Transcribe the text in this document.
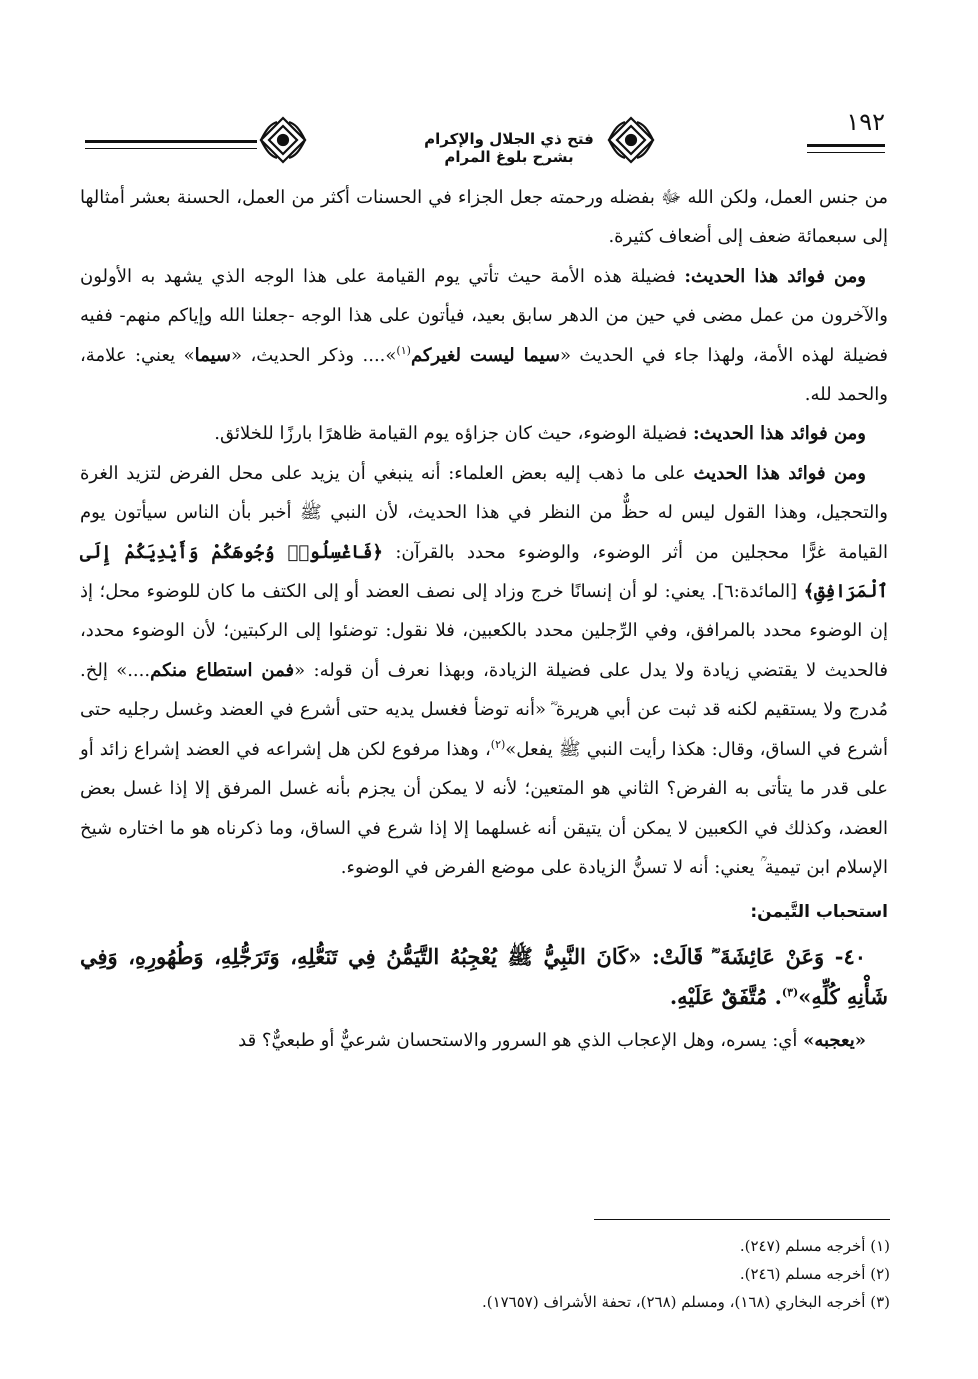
١٩٢
فتح ذي الجلال والإكرام بشرح بلوغ المرام

من جنس العمل، ولكن الله ﷻ بفضله ورحمته جعل الجزاء في الحسنات أكثر من العمل، الحسنة بعشر أمثالها إلى سبعمائة ضعف إلى أضعاف كثيرة.

ومن فوائد هذا الحديث: فضيلة هذه الأمة حيث تأتي يوم القيامة على هذا الوجه الذي يشهد به الأولون والآخرون من عمل مضى في حين من الدهر سابق بعيد، فيأتون على هذا الوجه -جعلنا الله وإياكم منهم- ففيه فضيلة لهذه الأمة، ولهذا جاء في الحديث «سيما ليست لغيركم$^{(١)}$».... وذكر الحديث، «سيما» يعني: علامة، والحمد لله.

ومن فوائد هذا الحديث: فضيلة الوضوء، حيث كان جزاؤه يوم القيامة ظاهرًا بارزًا للخلائق.

ومن فوائد هذا الحديث على ما ذهب إليه بعض العلماء: أنه ينبغي أن يزيد على محل الفرض لتزيد الغرة والتحجيل، وهذا القول ليس له حظٌّ من النظر في هذا الحديث، لأن النبي ﷺ أخبر بأن الناس سيأتون يوم القيامة غرًّا محجلين من أثر الوضوء، والوضوء محدد بالقرآن: ﴿فَاغْسِلُوا۟ وُجُوهَكُمْ وَأَيْدِيَكُمْ إِلَى ٱلْمَرَافِقِ﴾ [المائدة:٦]. يعني: لو أن إنسانًا خرج وزاد إلى نصف العضد أو إلى الكتف ما كان للوضوء محل؛ إذ إن الوضوء محدد بالمرافق، وفي الرِّجلين محدد بالكعبين، فلا نقول: توضئوا إلى الركبتين؛ لأن الوضوء محدد، فالحديث لا يقتضي زيادة ولا يدل على فضيلة الزيادة، وبهذا نعرف أن قوله: «فمن استطاع منكم....» إلخ. مُدرج ولا يستقيم لكنه قد ثبت عن أبي هريرة ؓ «أنه توضأ فغسل يديه حتى أشرع في العضد وغسل رجليه حتى أشرع في الساق، وقال: هكذا رأيت النبي ﷺ يفعل»$^{(٢)}$، وهذا مرفوع لكن هل إشراعه في العضد إشراع زائد أو على قدر ما يتأتى به الفرض؟ الثاني هو المتعين؛ لأنه لا يمكن أن يجزم بأنه غسل المرفق إلا إذا غسل بعض العضد، وكذلك في الكعبين لا يمكن أن يتيقن أنه غسلهما إلا إذا شرع في الساق، وما ذكرناه هو ما اختاره شيخ الإسلام ابن تيمية ؒ يعني: أنه لا تسنُّ الزيادة على موضع الفرض في الوضوء.

استحباب التَّيمن:

٤٠- وَعَنْ عَائِشَةَ ؓ قَالَتْ: «كَانَ النَّبِيُّ ﷺ يُعْجِبُهُ التَّيَمُّنُ فِي تَنَعُّلِهِ، وَتَرَجُّلِهِ، وَطُهُورِهِ، وَفِي شَأْنِهِ كُلِّهِ»$^{(٣)}$. مُتَّفَقٌ عَلَيْهِ.

«يعجبه» أي: يسره، وهل الإعجاب الذي هو السرور والاستحسان شرعيٌّ أو طبعيٌّ؟ قد

(١) أخرجه مسلم (٢٤٧).
(٢) أخرجه مسلم (٢٤٦).
(٣) أخرجه البخاري (١٦٨)، ومسلم (٢٦٨)، تحفة الأشراف (١٧٦٥٧).
